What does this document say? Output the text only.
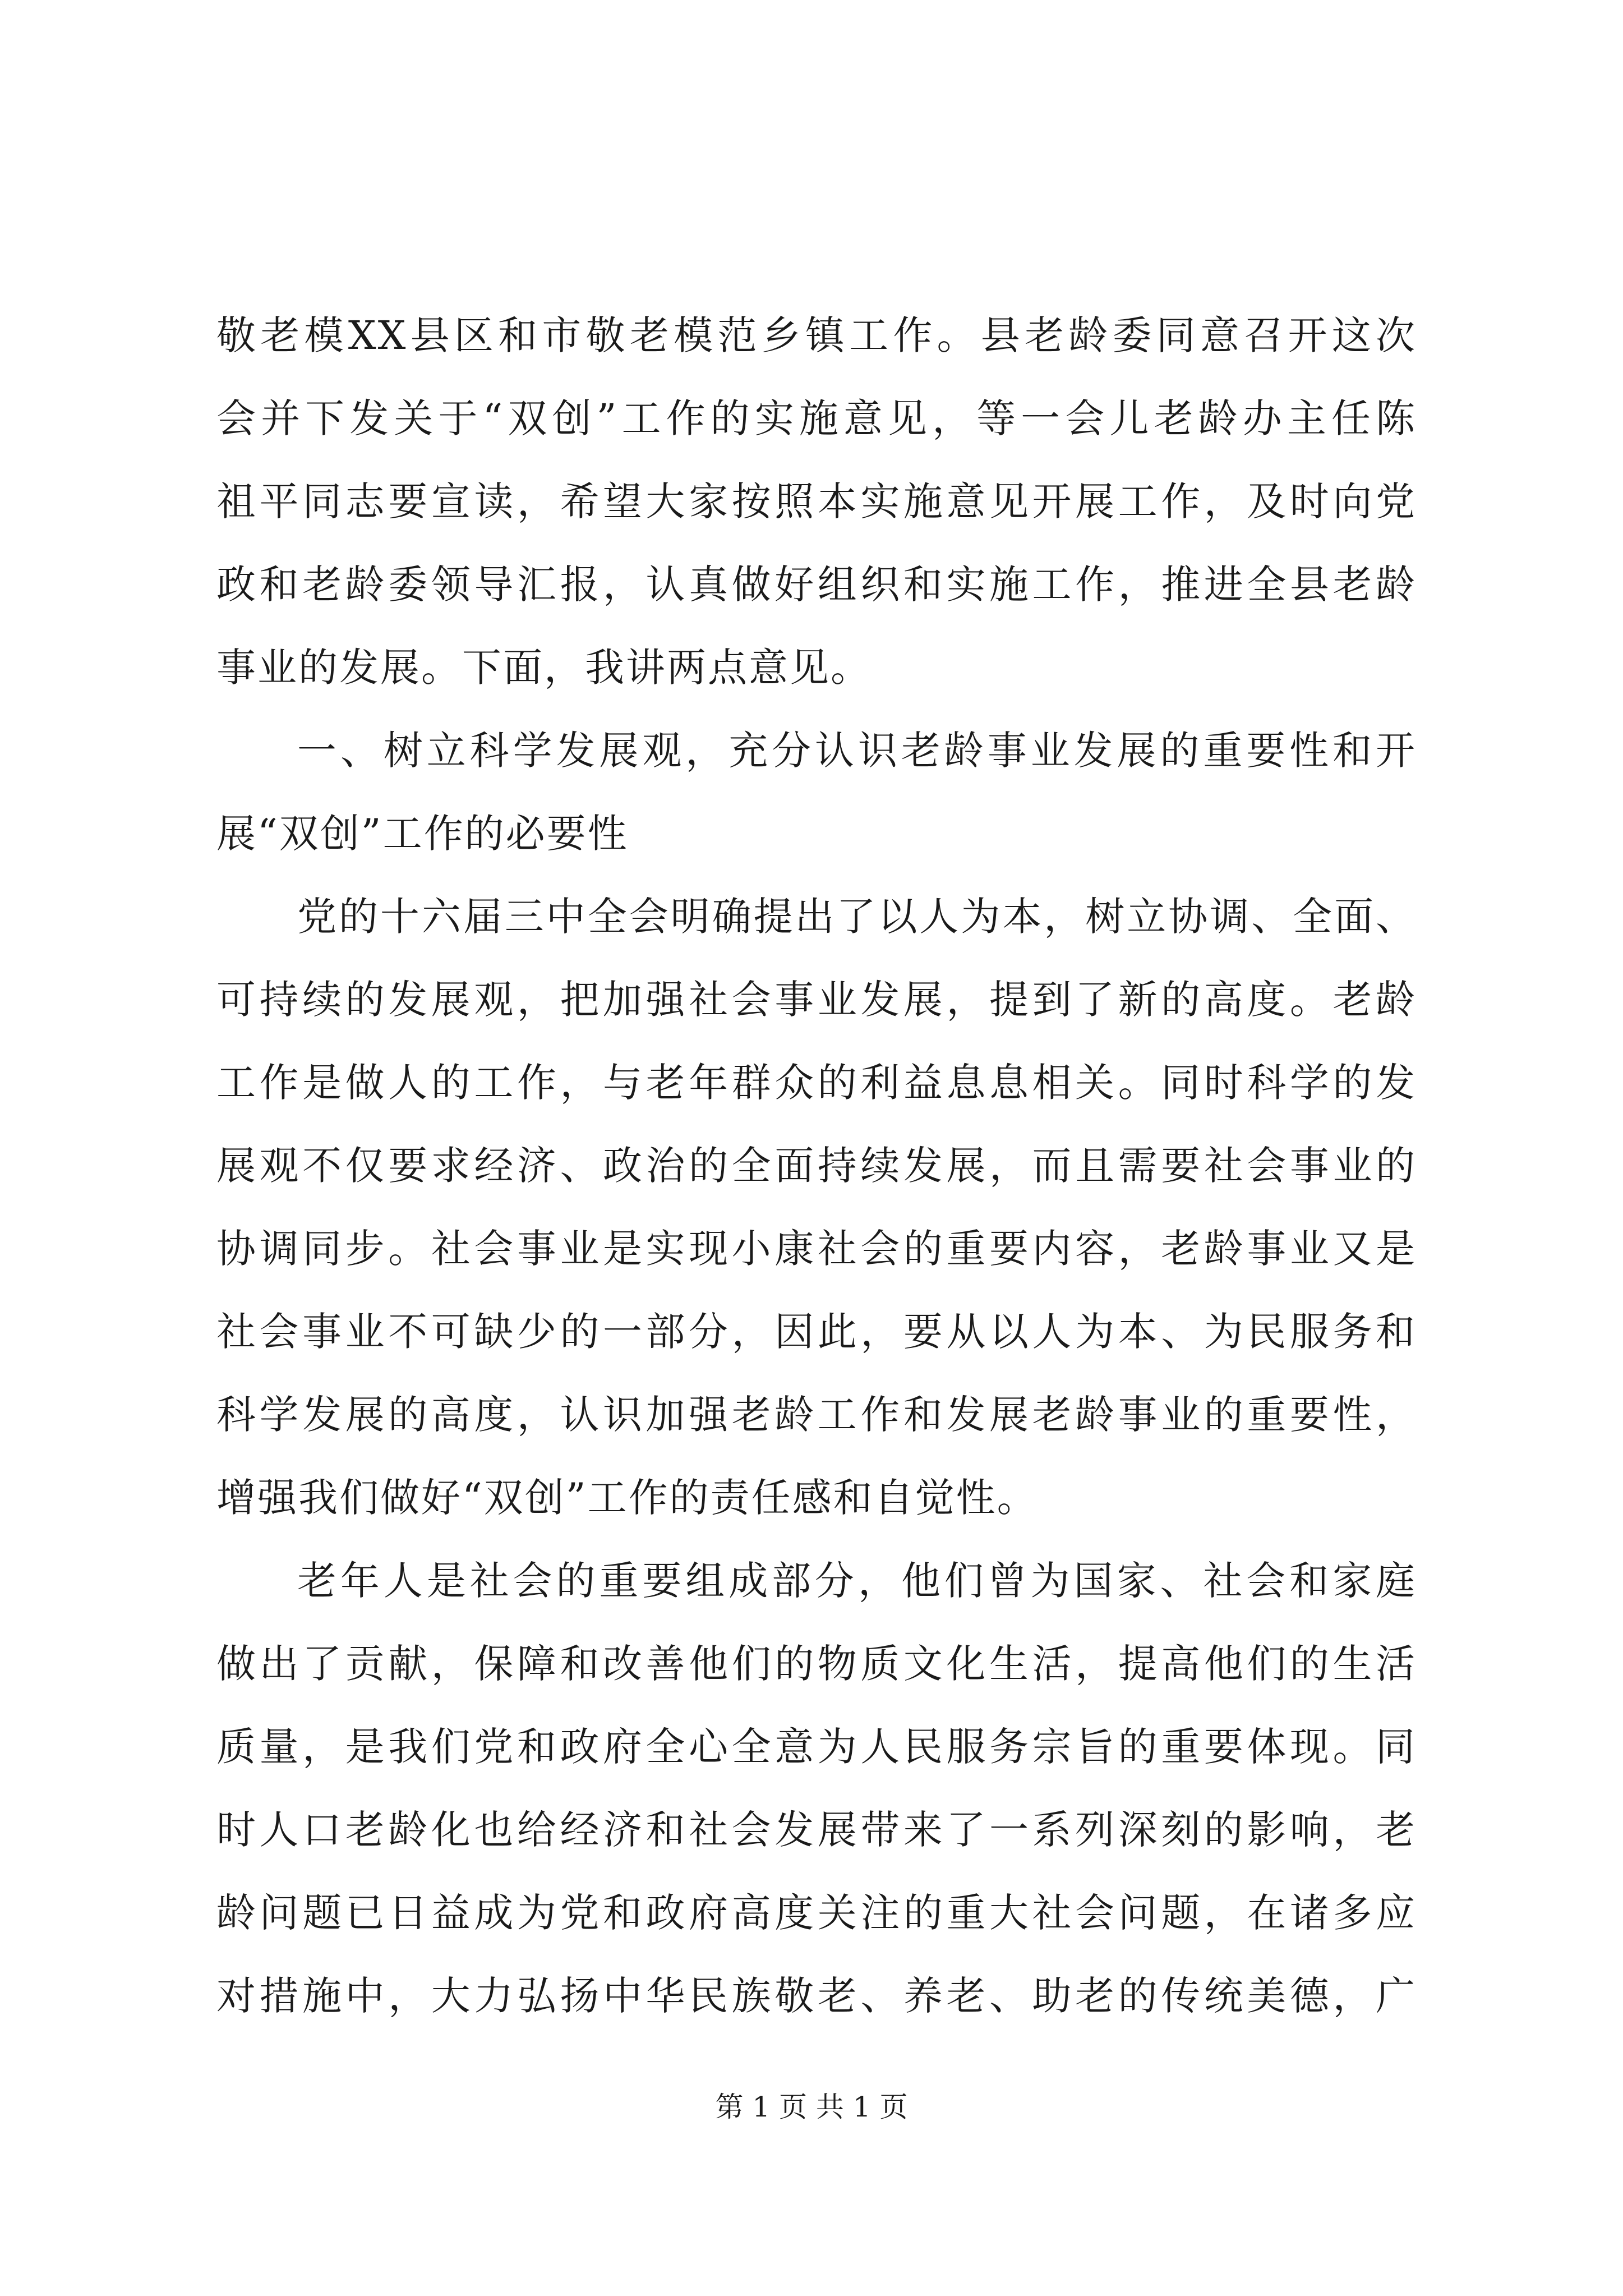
敬老模XX县区和市敬老模范乡镇工作。县老龄委同意召开这次
会并下发关于“双创”工作的实施意见，等一会儿老龄办主任陈
祖平同志要宣读，希望大家按照本实施意见开展工作，及时向党
政和老龄委领导汇报，认真做好组织和实施工作，推进全县老龄
事业的发展。下面，我讲两点意见。
一、树立科学发展观，充分认识老龄事业发展的重要性和开
展“双创”工作的必要性
党的十六届三中全会明确提出了以人为本，树立协调、全面、
可持续的发展观，把加强社会事业发展，提到了新的高度。老龄
工作是做人的工作，与老年群众的利益息息相关。同时科学的发
展观不仅要求经济、政治的全面持续发展，而且需要社会事业的
协调同步。社会事业是实现小康社会的重要内容，老龄事业又是
社会事业不可缺少的一部分，因此，要从以人为本、为民服务和
科学发展的高度，认识加强老龄工作和发展老龄事业的重要性，
增强我们做好“双创”工作的责任感和自觉性。
老年人是社会的重要组成部分，他们曾为国家、社会和家庭
做出了贡献，保障和改善他们的物质文化生活，提高他们的生活
质量，是我们党和政府全心全意为人民服务宗旨的重要体现。同
时人口老龄化也给经济和社会发展带来了一系列深刻的影响，老
龄问题已日益成为党和政府高度关注的重大社会问题，在诸多应
对措施中，大力弘扬中华民族敬老、养老、助老的传统美德，广
第 1 页 共 1 页
